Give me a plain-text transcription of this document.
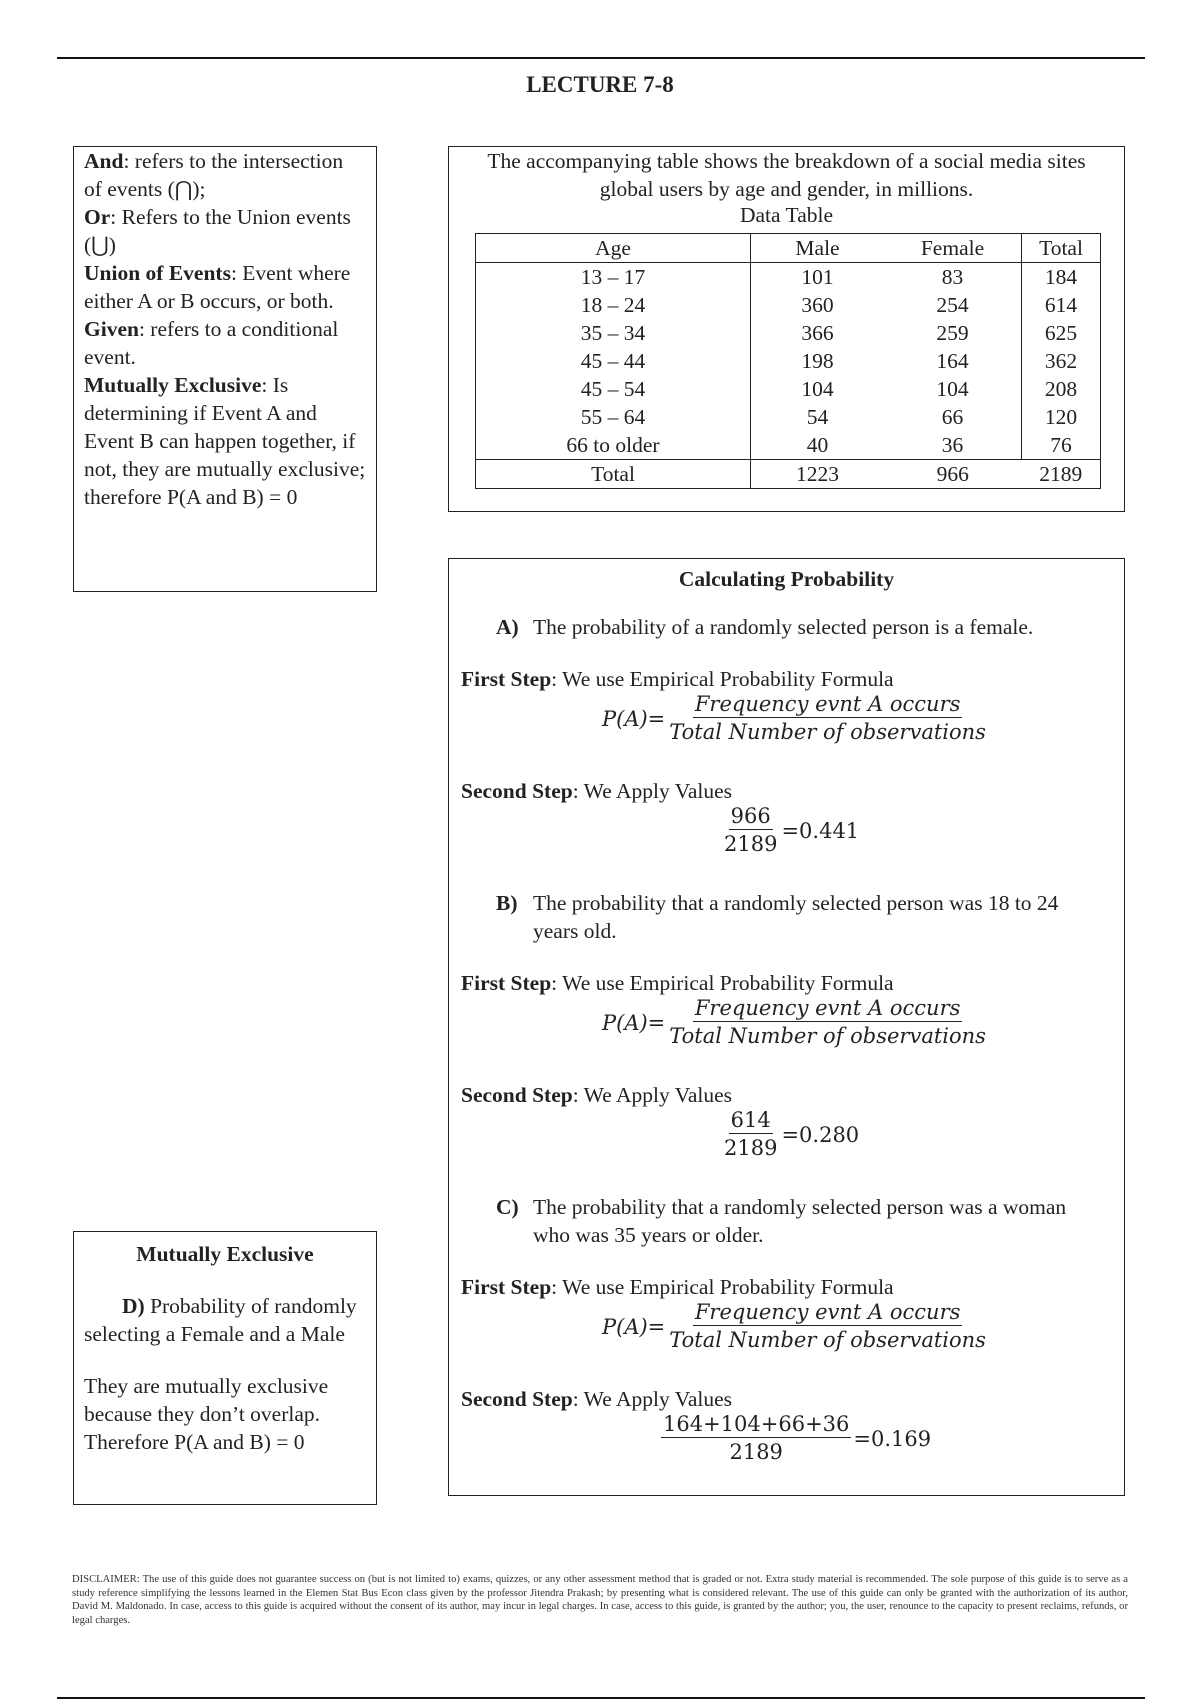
LECTURE 7-8

And: refers to the intersection of events (⋂);

Or: Refers to the Union events (⋃)

Union of Events: Event where either A or B occurs, or both.

Given: refers to a conditional event.

Mutually Exclusive: Is determining if Event A and Event B can happen together, if not, they are mutually exclusive; therefore P(A and B) = 0

The accompanying table shows the breakdown of a social media sites global users by age and gender, in millions.
Data Table
Age	Male	Female	Total
13 – 17	101	83	184
18 – 24	360	254	614
35 – 34	366	259	625
45 – 44	198	164	362
45 – 54	104	104	208
55 – 64	54	66	120
66 to older	40	36	76
Total	1223	966	2189
Calculating Probability
A) The probability of a randomly selected person is a female.
First Step: We use Empirical Probability Formula
$P(A)= \frac{\text{Frequency evnt A occurs}}{\text{Total Number of observations}}$
Second Step: We Apply Values
$\frac{966}{2189} =0.441$
B) The probability that a randomly selected person was 18 to 24 years old.
First Step: We use Empirical Probability Formula
$P(A)= \frac{\text{Frequency evnt A occurs}}{\text{Total Number of observations}}$
Second Step: We Apply Values
$\frac{614}{2189} =0.280$
C) The probability that a randomly selected person was a woman who was 35 years or older.
First Step: We use Empirical Probability Formula
$P(A)= \frac{\text{Frequency evnt A occurs}}{\text{Total Number of observations}}$
Second Step: We Apply Values
$\frac{164+104+66+36}{2189} =0.169$
Mutually Exclusive

D) Probability of randomly selecting a Female and a Male

They are mutually exclusive because they don’t overlap. Therefore P(A and B) = 0

DISCLAIMER: The use of this guide does not guarantee success on (but is not limited to) exams, quizzes, or any other assessment method that is graded or not. Extra study material is recommended. The sole purpose of this guide is to serve as a study reference simplifying the lessons learned in the Elemen Stat Bus Econ class given by the professor Jitendra Prakash; by presenting what is considered relevant. The use of this guide can only be granted with the authorization of its author, David M. Maldonado. In case, access to this guide is acquired without the consent of its author, may incur in legal charges. In case, access to this guide, is granted by the author; you, the user, renounce to the capacity to present reclaims, refunds, or legal charges.
